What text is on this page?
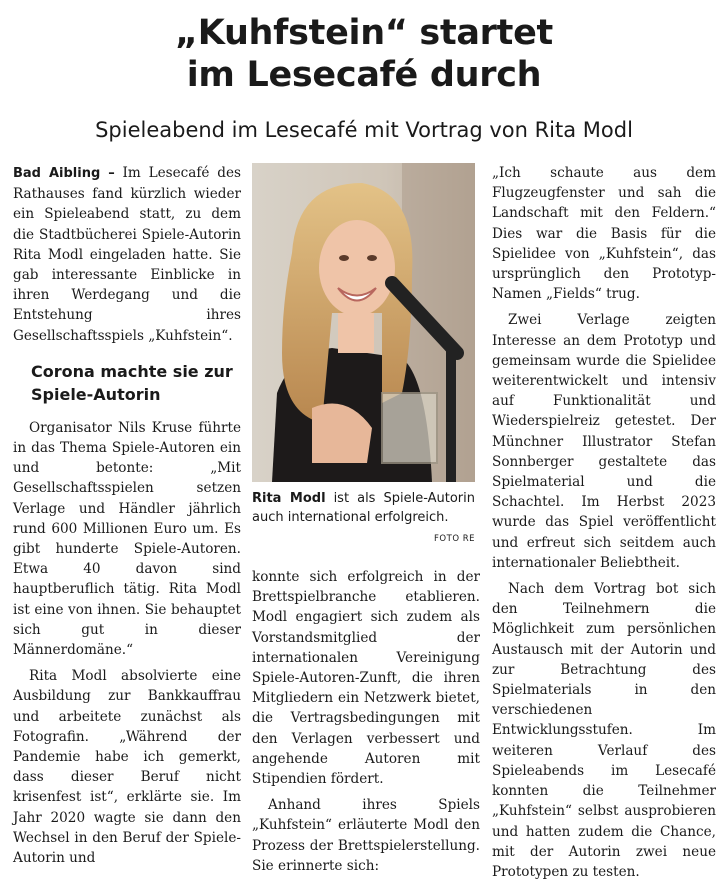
„Kuhfstein“ startet
im Lesecafé durch
Spieleabend im Lesecafé mit Vortrag von Rita Modl

Bad Aibling – Im Lesecafé des Rathauses fand kürzlich wieder ein Spieleabend statt, zu dem die Stadtbücherei Spiele-Autorin Rita Modl eingeladen hatte. Sie gab interessante Einblicke in ihren Werdegang und die Entstehung ihres Gesellschaftsspiels „Kuhfstein“.

Corona machte sie zur Spiele-Autorin

Organisator Nils Kruse führte in das Thema Spiele-Autoren ein und betonte: „Mit Gesellschaftsspielen setzen Verlage und Händler jährlich rund 600 Millionen Euro um. Es gibt hunderte Spiele-Autoren. Etwa 40 davon sind hauptberuflich tätig. Rita Modl ist eine von ihnen. Sie behauptet sich gut in dieser Männerdomäne.“

Rita Modl absolvierte eine Ausbildung zur Bankkauffrau und arbeitete zunächst als Fotografin. „Während der Pandemie habe ich gemerkt, dass dieser Beruf nicht krisenfest ist“, erklärte sie. Im Jahr 2020 wagte sie dann den Wechsel in den Beruf der Spiele-Autorin und

Rita Modl ist als Spiele-Autorin auch international erfolgreich.
FOTO RE

konnte sich erfolgreich in der Brettspielbranche etablieren. Modl engagiert sich zudem als Vorstandsmitglied der internationalen Vereinigung Spiele-Autoren-Zunft, die ihren Mitgliedern ein Netzwerk bietet, die Vertragsbedingungen mit den Verlagen verbessert und angehende Autoren mit Stipendien fördert.

Anhand ihres Spiels „Kuhfstein“ erläuterte Modl den Prozess der Brettspielerstellung. Sie erinnerte sich:

„Ich schaute aus dem Flugzeugfenster und sah die Landschaft mit den Feldern.“ Dies war die Basis für die Spielidee von „Kuhfstein“, das ursprünglich den Prototyp-Namen „Fields“ trug.

Zwei Verlage zeigten Interesse an dem Prototyp und gemeinsam wurde die Spielidee weiterentwickelt und intensiv auf Funktionalität und Wiederspielreiz getestet. Der Münchner Illustrator Stefan Sonnberger gestaltete das Spielmaterial und die Schachtel. Im Herbst 2023 wurde das Spiel veröffentlicht und erfreut sich seitdem auch internationaler Beliebtheit.

Nach dem Vortrag bot sich den Teilnehmern die Möglichkeit zum persönlichen Austausch mit der Autorin und zur Betrachtung des Spielmaterials in den verschiedenen Entwicklungsstufen. Im weiteren Verlauf des Spieleabends im Lesecafé konnten die Teilnehmer „Kuhfstein“ selbst ausprobieren und hatten zudem die Chance, mit der Autorin zwei neue Prototypen zu testen.
